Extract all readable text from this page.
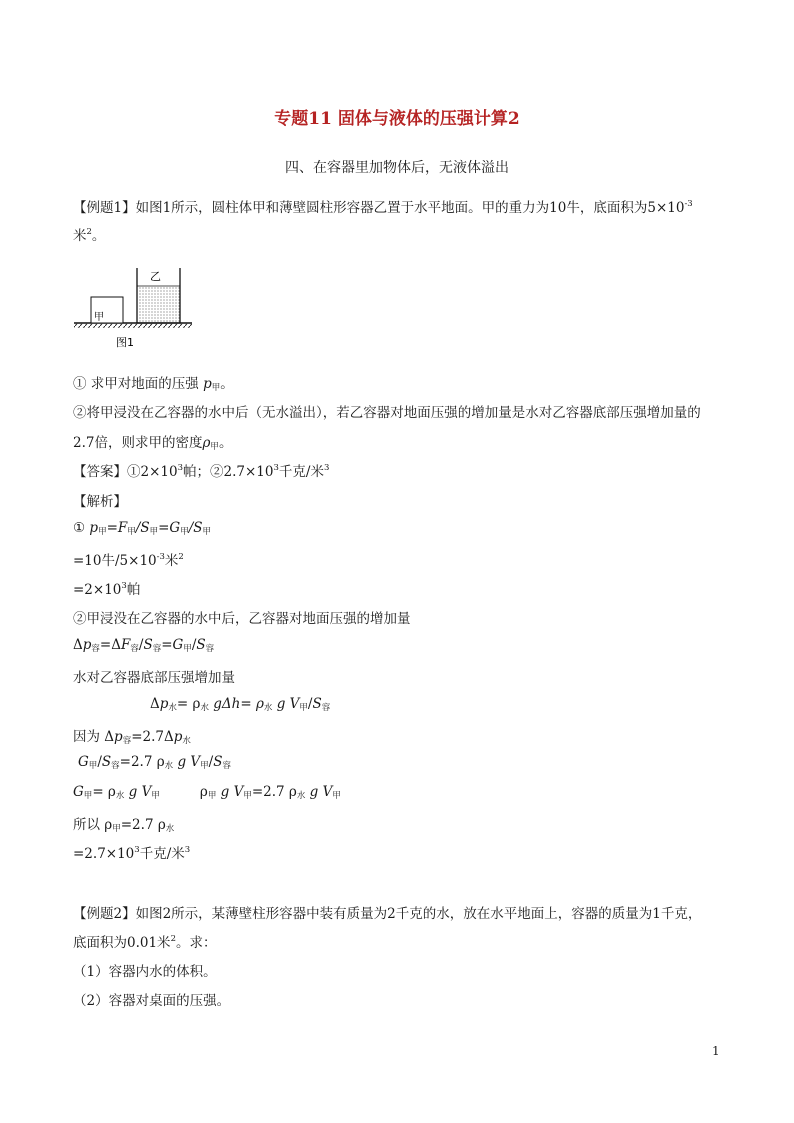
专题11 固体与液体的压强计算2
四、在容器里加物体后，无液体溢出
【例题1】如图1所示，圆柱体甲和薄壁圆柱形容器乙置于水平地面。甲的重力为10牛，底面积为$5\times 10^{-3}$
米$^2$。
乙
甲
图1
① 求甲对地面的压强 $p_甲$。
②将甲浸没在乙容器的水中后（无水溢出），若乙容器对地面压强的增加量是水对乙容器底部压强增加量的
2.7倍，则求甲的密度$\rho_甲$。
【答案】$①2\times 10^3$帕；$②2.7\times 10^3$千克/米$^3$
【解析】
① $p_甲=F_甲/S_甲=G_甲/S_甲$
=10牛$/5\times 10^{-3}$米$^2$
$=2\times 10^3$帕
②甲浸没在乙容器的水中后，乙容器对地面压强的增加量
$\Delta p_容=\Delta F_容/S_容=G_甲/S_容$
水对乙容器底部压强增加量
$\Delta p_水= \rho_水$ $g\Delta h= \rho_水$ g $V_甲/S_容$
因为 $\Delta p_容=2.7\Delta p_水$
$G_甲/S_容=2.7$ $\rho_水$ g $V_甲/S_容$
$G_甲= \rho_水$ g $V_甲$	$\rho_甲$ g $V_甲=2.7$ $\rho_水$ g $V_甲$
所以 $\rho_甲=2.7$ $\rho_水$
$=2.7\times 10^3$千克/米$^3$
【例题2】如图2所示，某薄壁柱形容器中装有质量为2千克的水，放在水平地面上，容器的质量为1千克，
底面积为0.01米$^2$。求：
（1）容器内水的体积。
（2）容器对桌面的压强。
1
